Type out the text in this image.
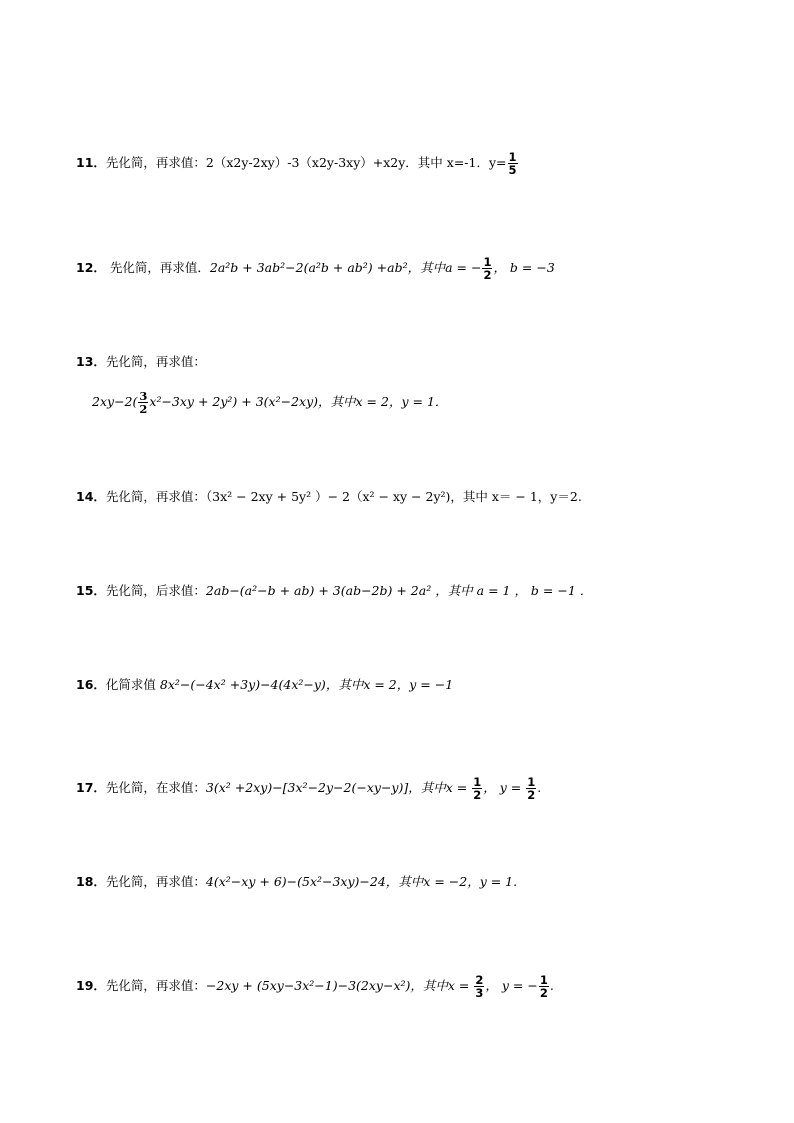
11．先化简，再求值：2（x2y-2xy）-3（x2y-3xy）+x2y．其中 x=-1．$y= \frac{1}{5}$
12． 先化简，再求值．2a²b + 3ab²−2(a²b + ab²) +ab²，其中a = − $\frac{1}{2}$ ， b = −3
13．先化简，再求值：
$2xy-2( \frac{3}{2} x^2-3xy + 2y^2) + 3(x^2-2xy)$，其中x = 2，y = 1．
14．先化简，再求值：（3x² − 2xy + 5y² ）− 2（x² − xy − 2y²)，其中 x＝ − 1，y＝2.
15．先化简，后求值：2ab−(a²−b + ab) + 3(ab−2b) + 2a² ，其中 a = 1 ， b = −1 ．
16．化简求值 8x²−(−4x² +3y)−4(4x²−y)，其中x = 2，y = −1
17．先化简，在求值：3(x² +2xy)−[3x²−2y−2(−xy−y)]，其中$x = \frac{1}{2}$ ， $y = \frac{1}{2}$ .
18．先化简，再求值：4(x²−xy + 6)−(5x²−3xy)−24，其中x = −2，y = 1.
19．先化简，再求值：−2xy + (5xy−3x²−1)−3(2xy−x²)，其中$x = \frac{2}{3}$ ， y = − $\frac{1}{2}$ .
